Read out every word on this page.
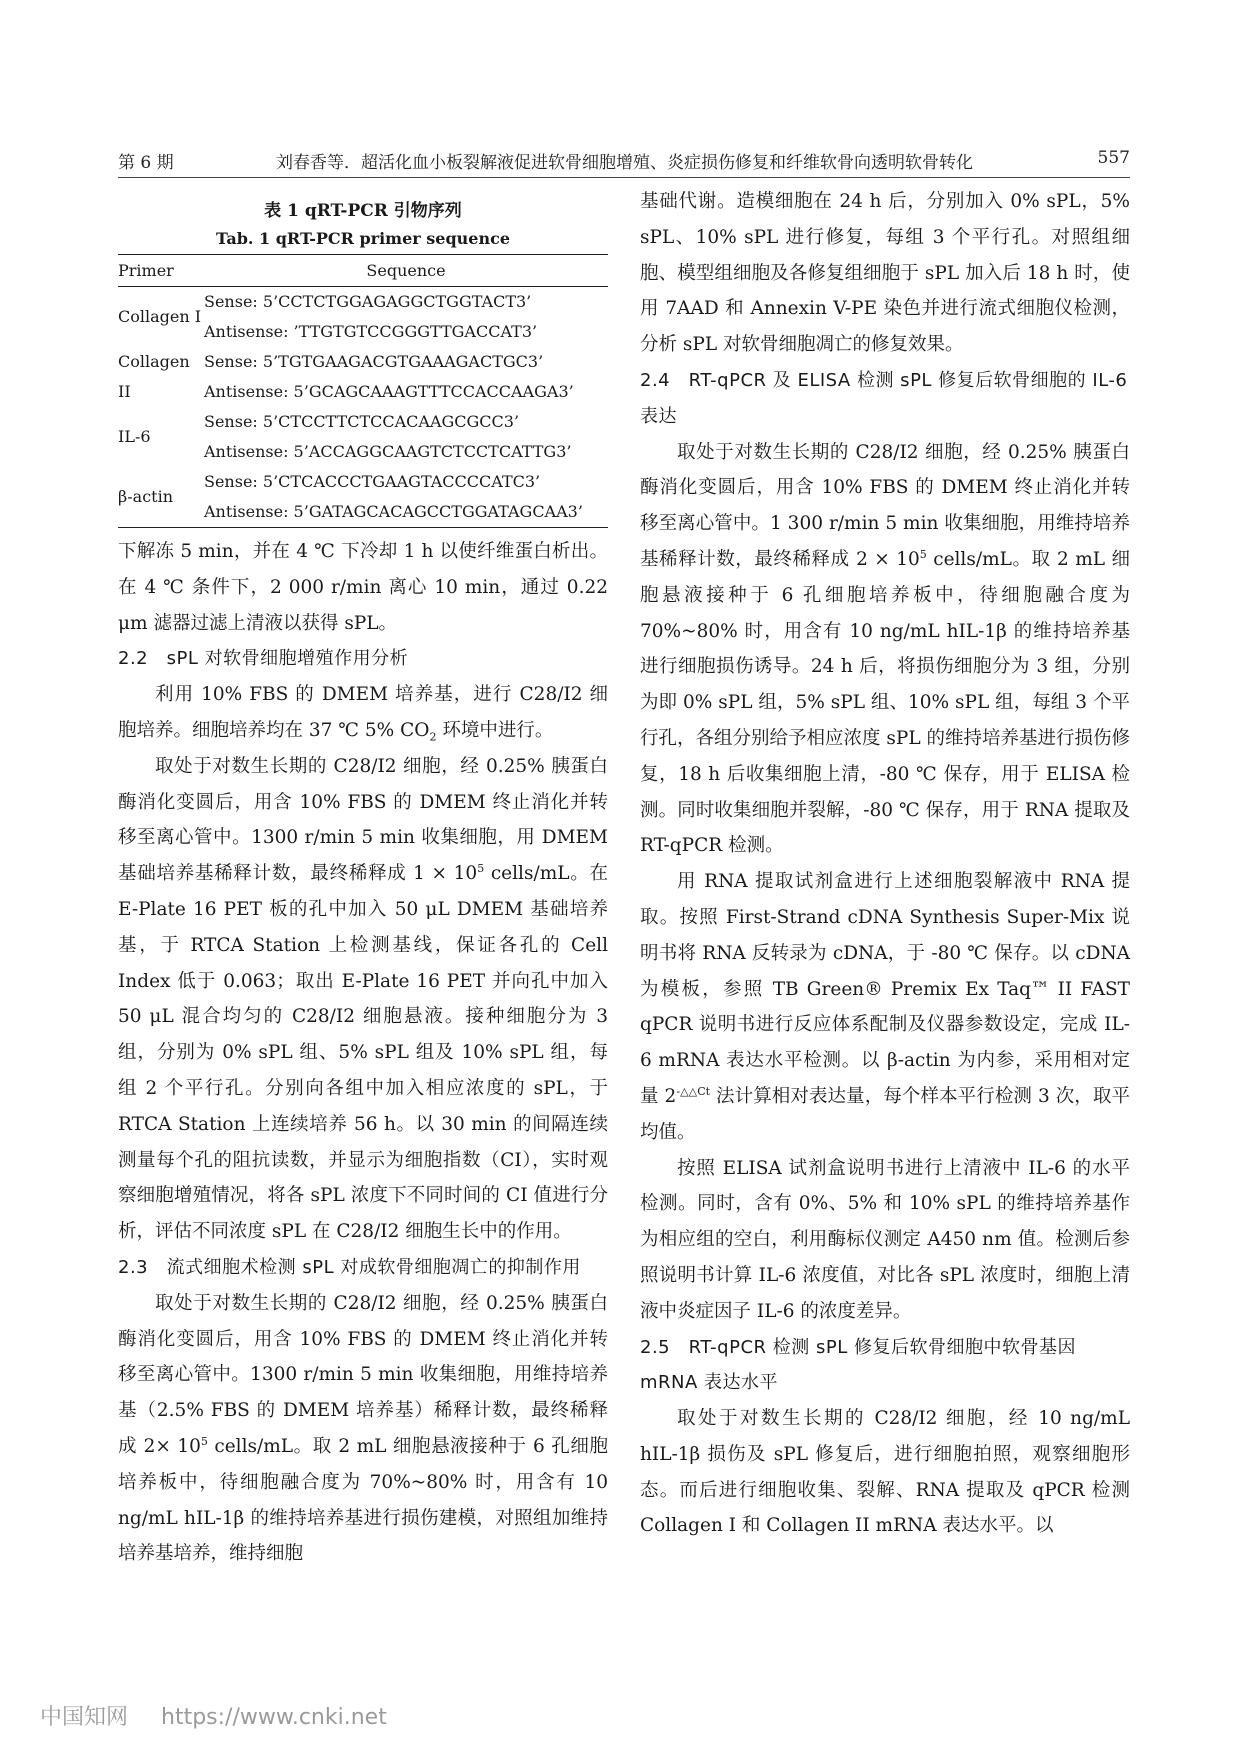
第 6 期	刘春香等．超活化血小板裂解液促进软骨细胞增殖、炎症损伤修复和纤维软骨向透明软骨转化	557
表 1 qRT-PCR 引物序列
Tab. 1 qRT-PCR primer sequence
Primer	Sequence
Collagen I	Sense: 5’CCTCTGGAGAGGCTGGTACT3’
	Antisense: ’TTGTGTCCGGGTTGACCAT3’
Collagen II	Sense: 5’TGTGAAGACGTGAAAGACTGC3’
	Antisense: 5’GCAGCAAAGTTTCCACCAAGA3’
IL-6	Sense: 5’CTCCTTCTCCACAAGCGCC3’
	Antisense: 5’ACCAGGCAAGTCTCCTCATTG3’
β-actin	Sense: 5’CTCACCCTGAAGTACCCCATC3’
	Antisense: 5’GATAGCACAGCCTGGATAGCAA3’

下解冻 5 min，并在 4 ℃ 下冷却 1 h 以使纤维蛋白析出。在 4 ℃ 条件下，2 000 r/min 离心 10 min，通过 0.22 μm 滤器过滤上清液以获得 sPL。

2.2　sPL 对软骨细胞增殖作用分析

利用 10% FBS 的 DMEM 培养基，进行 C28/I2 细胞培养。细胞培养均在 37 ℃ 5% $CO_2$ 环境中进行。

取处于对数生长期的 C28/I2 细胞，经 0.25% 胰蛋白酶消化变圆后，用含 10% FBS 的 DMEM 终止消化并转移至离心管中。1300 r/min 5 min 收集细胞，用 DMEM 基础培养基稀释计数，最终稀释成 $1 \times 10^5$ cells/mL。在 E-Plate 16 PET 板的孔中加入 50 μL DMEM 基础培养基，于 RTCA Station 上检测基线，保证各孔的 Cell Index 低于 0.063；取出 E-Plate 16 PET 并向孔中加入 50 μL 混合均匀的 C28/I2 细胞悬液。接种细胞分为 3 组，分别为 0% sPL 组、5% sPL 组及 10% sPL 组，每组 2 个平行孔。分别向各组中加入相应浓度的 sPL，于 RTCA Station 上连续培养 56 h。以 30 min 的间隔连续测量每个孔的阻抗读数，并显示为细胞指数（CI），实时观察细胞增殖情况，将各 sPL 浓度下不同时间的 CI 值进行分析，评估不同浓度 sPL 在 C28/I2 细胞生长中的作用。

2.3　流式细胞术检测 sPL 对成软骨细胞凋亡的抑制作用

取处于对数生长期的 C28/I2 细胞，经 0.25% 胰蛋白酶消化变圆后，用含 10% FBS 的 DMEM 终止消化并转移至离心管中。1300 r/min 5 min 收集细胞，用维持培养基（2.5% FBS 的 DMEM 培养基）稀释计数，最终稀释成 $2\times 10^5$ cells/mL。取 2 mL 细胞悬液接种于 6 孔细胞培养板中，待细胞融合度为 70%~80% 时，用含有 10 ng/mL hIL-1β 的维持培养基进行损伤建模，对照组加维持培养基培养，维持细胞

基础代谢。造模细胞在 24 h 后，分别加入 0% sPL，5% sPL、10% sPL 进行修复，每组 3 个平行孔。对照组细胞、模型组细胞及各修复组细胞于 sPL 加入后 18 h 时，使用 7AAD 和 Annexin V-PE 染色并进行流式细胞仪检测，分析 sPL 对软骨细胞凋亡的修复效果。

2.4　RT-qPCR 及 ELISA 检测 sPL 修复后软骨细胞的 IL-6 表达

取处于对数生长期的 C28/I2 细胞，经 0.25% 胰蛋白酶消化变圆后，用含 10% FBS 的 DMEM 终止消化并转移至离心管中。1 300 r/min 5 min 收集细胞，用维持培养基稀释计数，最终稀释成 $2 \times 10^5$ cells/mL。取 2 mL 细胞悬液接种于 6 孔细胞培养板中，待细胞融合度为 70%~80% 时，用含有 10 ng/mL hIL-1β 的维持培养基进行细胞损伤诱导。24 h 后，将损伤细胞分为 3 组，分别为即 0% sPL 组，5% sPL 组、10% sPL 组，每组 3 个平行孔，各组分别给予相应浓度 sPL 的维持培养基进行损伤修复，18 h 后收集细胞上清，-80 ℃ 保存，用于 ELISA 检测。同时收集细胞并裂解，-80 ℃ 保存，用于 RNA 提取及 RT-qPCR 检测。

用 RNA 提取试剂盒进行上述细胞裂解液中 RNA 提取。按照 First-Strand cDNA Synthesis Super-Mix 说明书将 RNA 反转录为 cDNA，于 -80 ℃ 保存。以 cDNA 为模板，参照 TB Green® Premix Ex Taq™ II FAST qPCR 说明书进行反应体系配制及仪器参数设定，完成 IL-6 mRNA 表达水平检测。以 β-actin 为内参，采用相对定量 $2^{-\triangle\triangle Ct}$ 法计算相对表达量，每个样本平行检测 3 次，取平均值。

按照 ELISA 试剂盒说明书进行上清液中 IL-6 的水平检测。同时，含有 0%、5% 和 10% sPL 的维持培养基作为相应组的空白，利用酶标仪测定 A450 nm 值。检测后参照说明书计算 IL-6 浓度值，对比各 sPL 浓度时，细胞上清液中炎症因子 IL-6 的浓度差异。

2.5　RT-qPCR 检测 sPL 修复后软骨细胞中软骨基因 mRNA 表达水平

取处于对数生长期的 C28/I2 细胞，经 10 ng/mL hIL-1β 损伤及 sPL 修复后，进行细胞拍照，观察细胞形态。而后进行细胞收集、裂解、RNA 提取及 qPCR 检测 Collagen I 和 Collagen II mRNA 表达水平。以

中国知网 https://www.cnki.net
